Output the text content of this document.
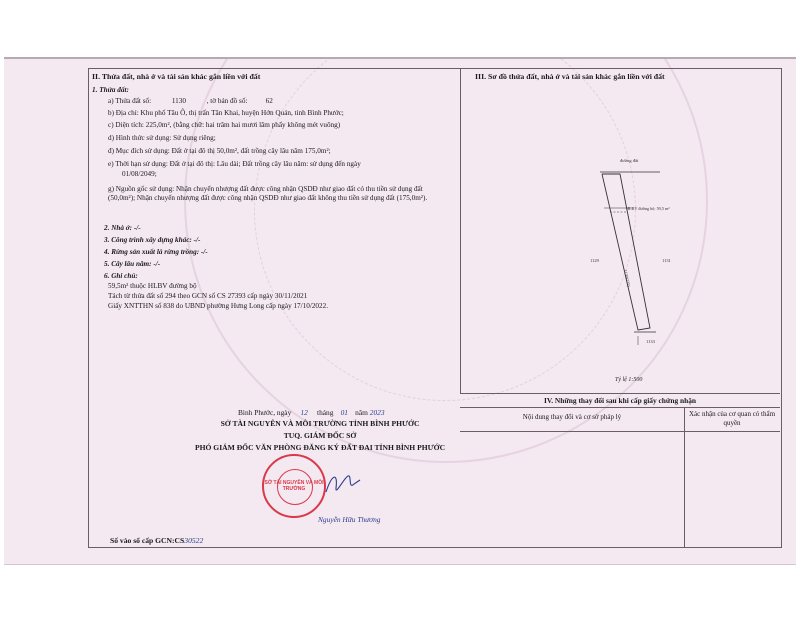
II. Thửa đất, nhà ở và tài sản khác gắn liền với đất
1. Thửa đất:
a) Thửa đất số:	1130	, tờ bản đồ số:	62
b) Địa chỉ: Khu phố Tâu Ô, thị trấn Tân Khai, huyện Hớn Quản, tỉnh Bình Phước;
c) Diện tích: 225,0m², (bằng chữ: hai trăm hai mươi lăm phẩy không mét vuông)
d) Hình thức sử dụng: Sử dụng riêng;
đ) Mục đích sử dụng: Đất ở tại đô thị 50,0m², đất trồng cây lâu năm 175,0m²;
e) Thời hạn sử dụng: Đất ở tại đô thị: Lâu dài; Đất trồng cây lâu năm: sử dụng đến ngày
01/08/2049;
g) Nguồn gốc sử dụng: Nhận chuyển nhượng đất được công nhận QSDĐ như giao đất có thu tiền sử dụng đất (50,0m²); Nhận chuyển nhượng đất được công nhận QSDĐ như giao đất không thu tiền sử dụng đất (175,0m²).
2. Nhà ở: -/-
3. Công trình xây dựng khác: -/-
4. Rừng sản xuất là rừng trồng: -/-
5. Cây lâu năm: -/-
6. Ghi chú:
59,5m² thuộc HLBV đường bộ
Tách từ thửa đất số 294 theo GCN số CS 27393 cấp ngày 30/11/2021
Giấy XNTTHN số 838 do UBND phường Hưng Long cấp ngày 17/10/2022.
III. Sơ đồ thửa đất, nhà ở và tài sản khác gắn liền với đất
đường đất
HLBV đường bộ: 59,5 m²
1129	1131
1133
1130(225)
Tỷ lệ 1:500
Bình Phước, ngày 12 tháng 01 năm 2023
SỞ TÀI NGUYÊN VÀ MÔI TRƯỜNG TỈNH BÌNH PHƯỚC
TUQ. GIÁM ĐỐC SỞ
PHÓ GIÁM ĐỐC VĂN PHÒNG ĐĂNG KÝ ĐẤT ĐAI TỈNH BÌNH PHƯỚC
SỞ TÀI NGUYÊN VÀ MÔI TRƯỜNG
Nguyễn Hữu Thương
Số vào sổ cấp GCN:CS30522
IV. Những thay đổi sau khi cấp giấy chứng nhận
Nội dung thay đổi và cơ sở pháp lý	Xác nhận của cơ quan có thẩm quyền
